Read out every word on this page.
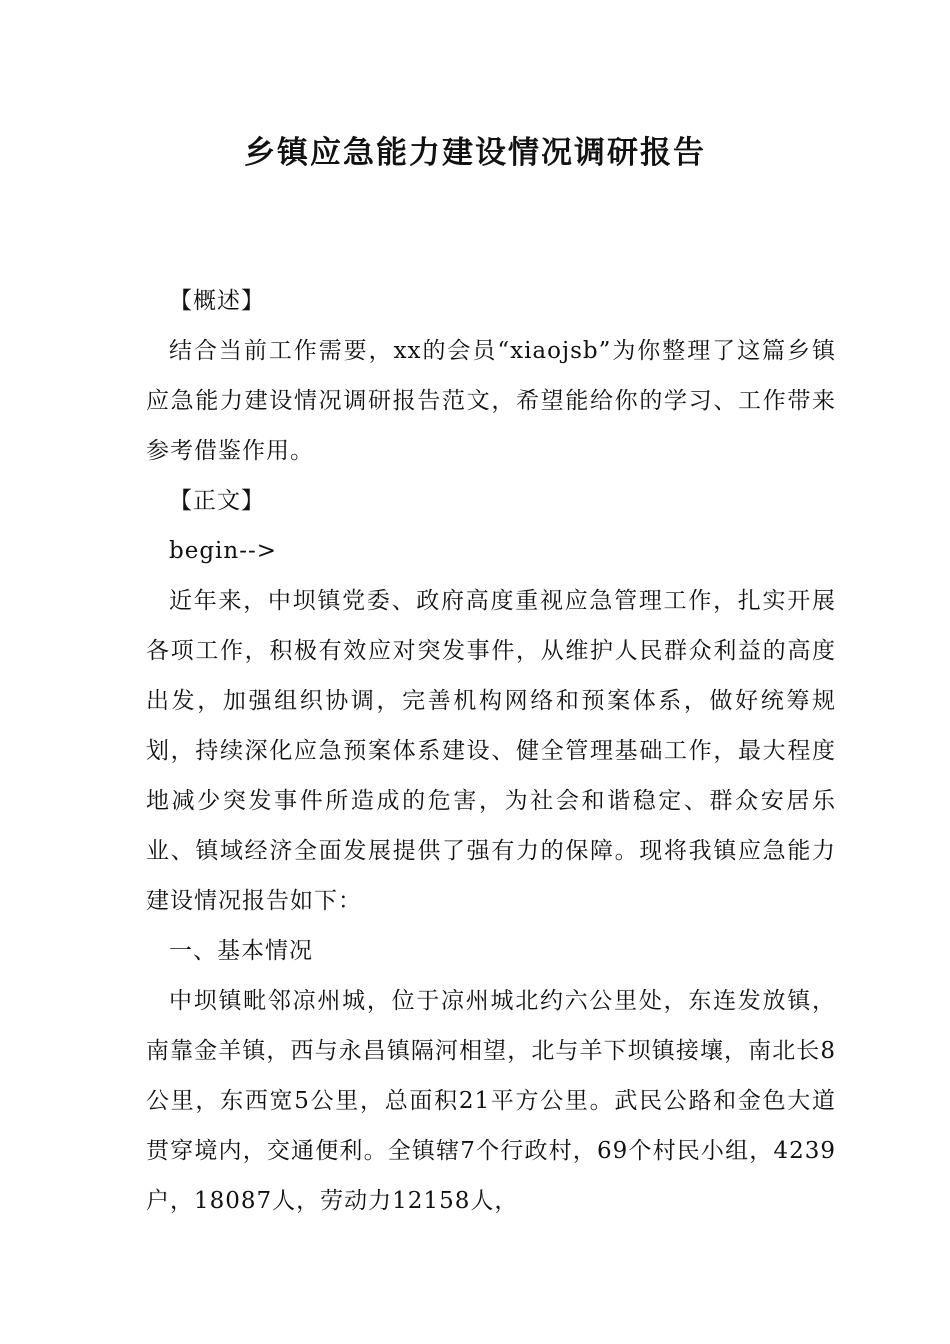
乡镇应急能力建设情况调研报告

【概述】

结合当前工作需要，xx的会员“xiaojsb”为你整理了这篇乡镇应急能力建设情况调研报告范文，希望能给你的学习、工作带来参考借鉴作用。

【正文】

begin-->

近年来，中坝镇党委、政府高度重视应急管理工作，扎实开展各项工作，积极有效应对突发事件，从维护人民群众利益的高度出发，加强组织协调，完善机构网络和预案体系，做好统筹规划，持续深化应急预案体系建设、健全管理基础工作，最大程度地减少突发事件所造成的危害，为社会和谐稳定、群众安居乐业、镇域经济全面发展提供了强有力的保障。现将我镇应急能力建设情况报告如下：

一、基本情况

中坝镇毗邻凉州城，位于凉州城北约六公里处，东连发放镇，南靠金羊镇，西与永昌镇隔河相望，北与羊下坝镇接壤，南北长8公里，东西宽5公里，总面积21平方公里。武民公路和金色大道贯穿境内，交通便利。全镇辖7个行政村，69个村民小组，4239户，18087人，劳动力12158人，
